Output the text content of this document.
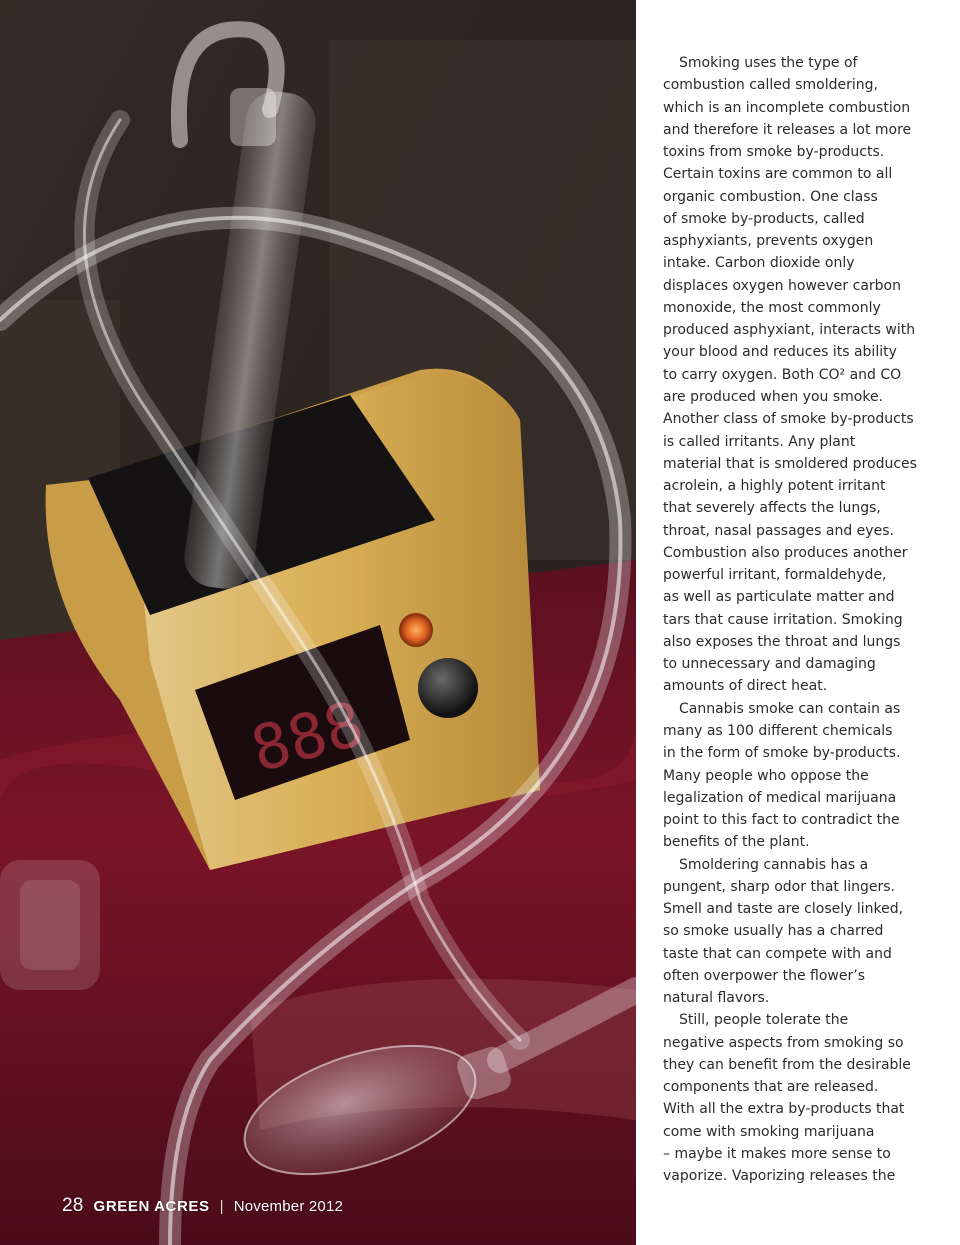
888
28 GREEN ACRES | November 2012

Smoking uses the type of
combustion called smoldering,
which is an incomplete combustion
and therefore it releases a lot more
toxins from smoke by-products.
Certain toxins are common to all
organic combustion. One class
of smoke by-products, called
asphyxiants, prevents oxygen
intake. Carbon dioxide only
displaces oxygen however carbon
monoxide, the most commonly
produced asphyxiant, interacts with
your blood and reduces its ability
to carry oxygen. Both CO² and CO
are produced when you smoke.
Another class of smoke by-products
is called irritants. Any plant
material that is smoldered produces
acrolein, a highly potent irritant
that severely affects the lungs,
throat, nasal passages and eyes.
Combustion also produces another
powerful irritant, formaldehyde,
as well as particulate matter and
tars that cause irritation. Smoking
also exposes the throat and lungs
to unnecessary and damaging
amounts of direct heat.

Cannabis smoke can contain as
many as 100 different chemicals
in the form of smoke by-products.
Many people who oppose the
legalization of medical marijuana
point to this fact to contradict the
benefits of the plant.

Smoldering cannabis has a
pungent, sharp odor that lingers.
Smell and taste are closely linked,
so smoke usually has a charred
taste that can compete with and
often overpower the flower’s
natural flavors.

Still, people tolerate the
negative aspects from smoking so
they can benefit from the desirable
components that are released.
With all the extra by-products that
come with smoking marijuana
– maybe it makes more sense to
vaporize. Vaporizing releases the
